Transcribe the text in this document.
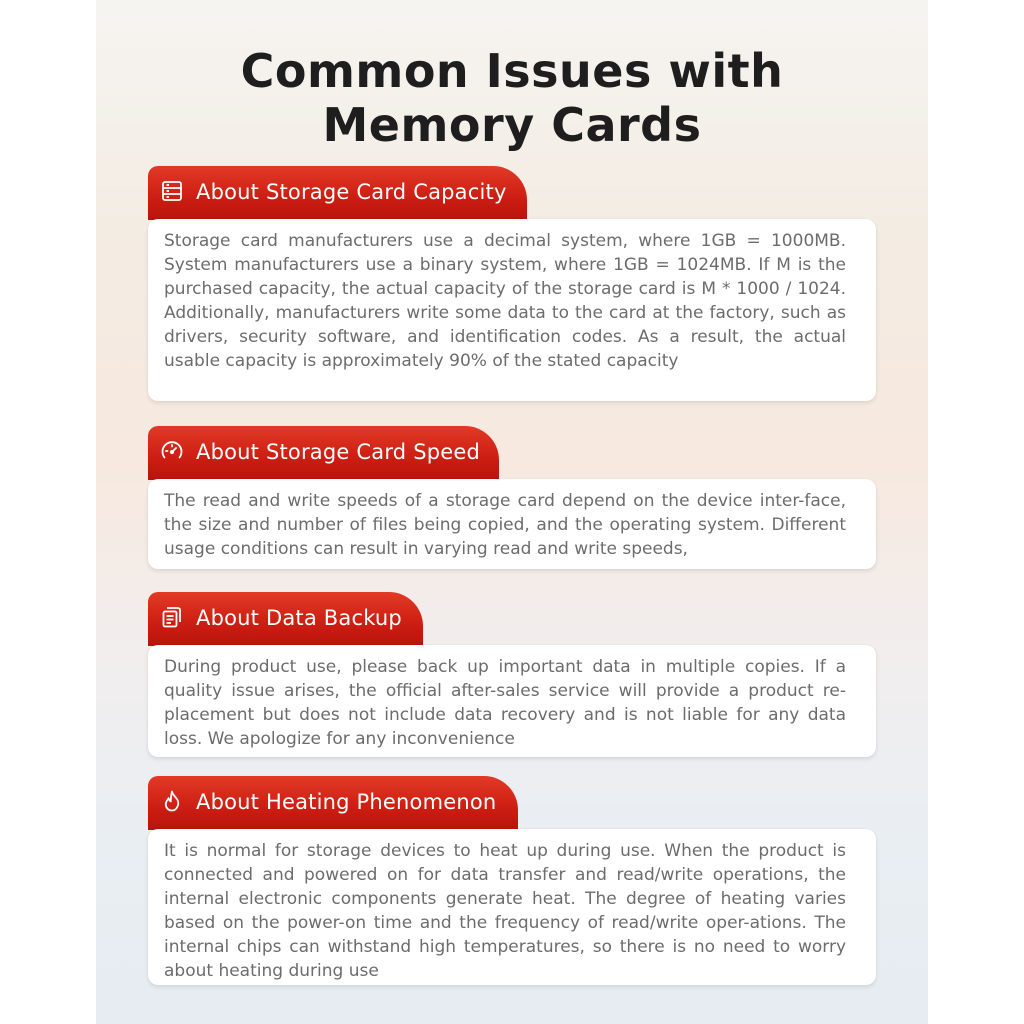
Common Issues with
Memory Cards
About Storage Card Capacity

Storage card manufacturers use a decimal system, where 1GB = 1000MB. System manufacturers use a binary system, where 1GB = 1024MB. If M is the purchased capacity, the actual capacity of the storage card is M * 1000 / 1024. Additionally, manufacturers write some data to the card at the factory, such as drivers, security software, and identification codes. As a result, the actual usable capacity is approximately 90% of the stated capacity

About Storage Card Speed

The read and write speeds of a storage card depend on the device inter-face, the size and number of files being copied, and the operating system. Different usage conditions can result in varying read and write speeds,

About Data Backup

During product use, please back up important data in multiple copies. If a quality issue arises, the official after-sales service will provide a product re-placement but does not include data recovery and is not liable for any data loss. We apologize for any inconvenience

About Heating Phenomenon

It is normal for storage devices to heat up during use. When the product is connected and powered on for data transfer and read/write operations, the internal electronic components generate heat. The degree of heating varies based on the power-on time and the frequency of read/write oper-ations. The internal chips can withstand high temperatures, so there is no need to worry about heating during use
